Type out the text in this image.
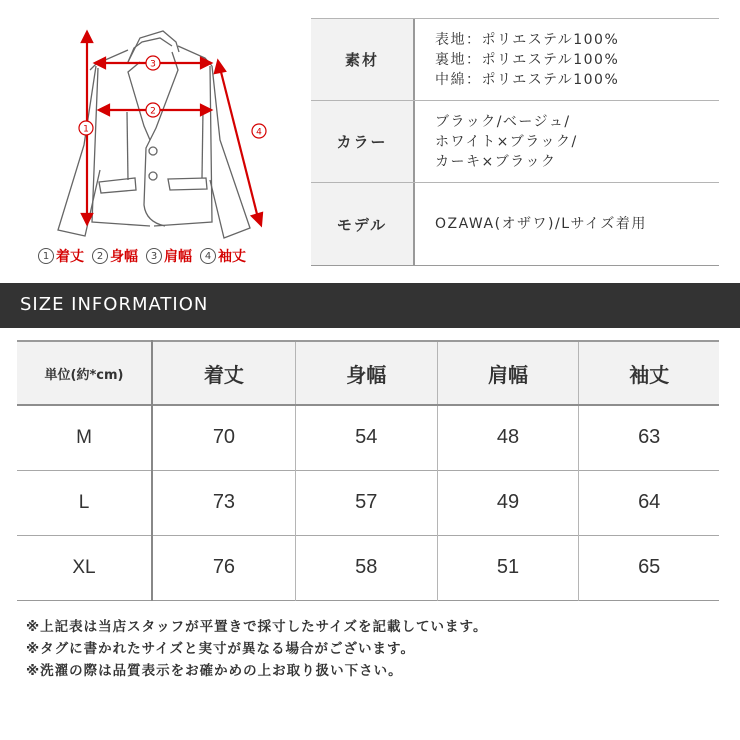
3
2
1	4
1 着丈	2 身幅	3 肩幅	4 袖丈
素材
表地：ポリエステル100%
裏地：ポリエステル100%
中綿：ポリエステル100%
カラー
ブラック/ベージュ/
ホワイト×ブラック/
カーキ×ブラック
モデル	OZAWA(オザワ)/Lサイズ着用
SIZE INFORMATION
単位(約*cm)	着丈	身幅	肩幅	袖丈
M	70	54	48	63
L	73	57	49	64
XL	76	58	51	65
※上記表は当店スタッフが平置きで採寸したサイズを記載しています。
※タグに書かれたサイズと実寸が異なる場合がございます。
※洗濯の際は品質表示をお確かめの上お取り扱い下さい。
